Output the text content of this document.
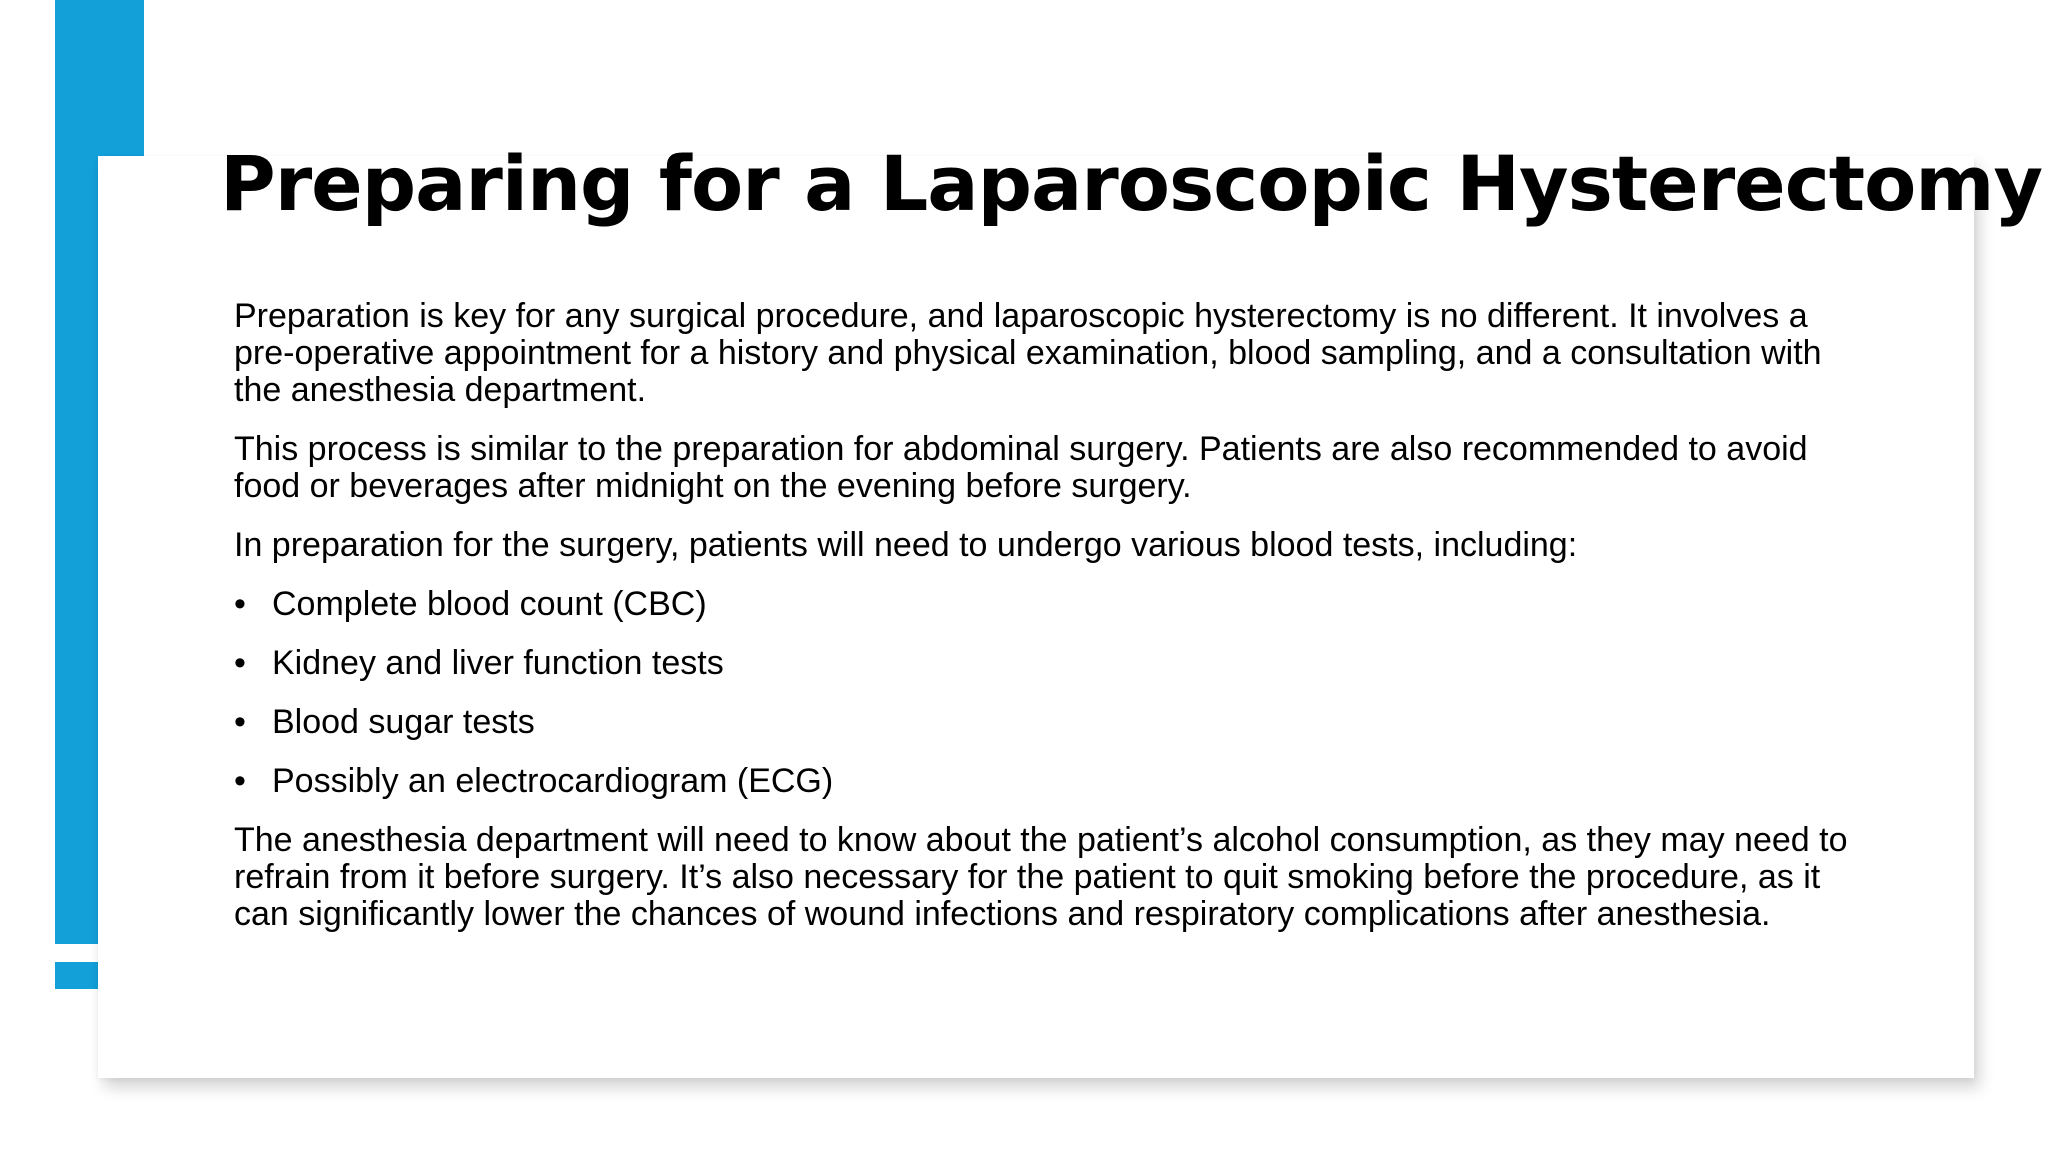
Preparing for a Laparoscopic Hysterectomy

Preparation is key for any surgical procedure, and laparoscopic hysterectomy is no different. It involves a pre-operative appointment for a history and physical examination, blood sampling, and a consultation with the anesthesia department.

This process is similar to the preparation for abdominal surgery. Patients are also recommended to avoid food or beverages after midnight on the evening before surgery.

In preparation for the surgery, patients will need to undergo various blood tests, including:

• Complete blood count (CBC)
• Kidney and liver function tests
• Blood sugar tests
• Possibly an electrocardiogram (ECG)

The anesthesia department will need to know about the patient’s alcohol consumption, as they may need to refrain from it before surgery. It’s also necessary for the patient to quit smoking before the procedure, as it can significantly lower the chances of wound infections and respiratory complications after anesthesia.
